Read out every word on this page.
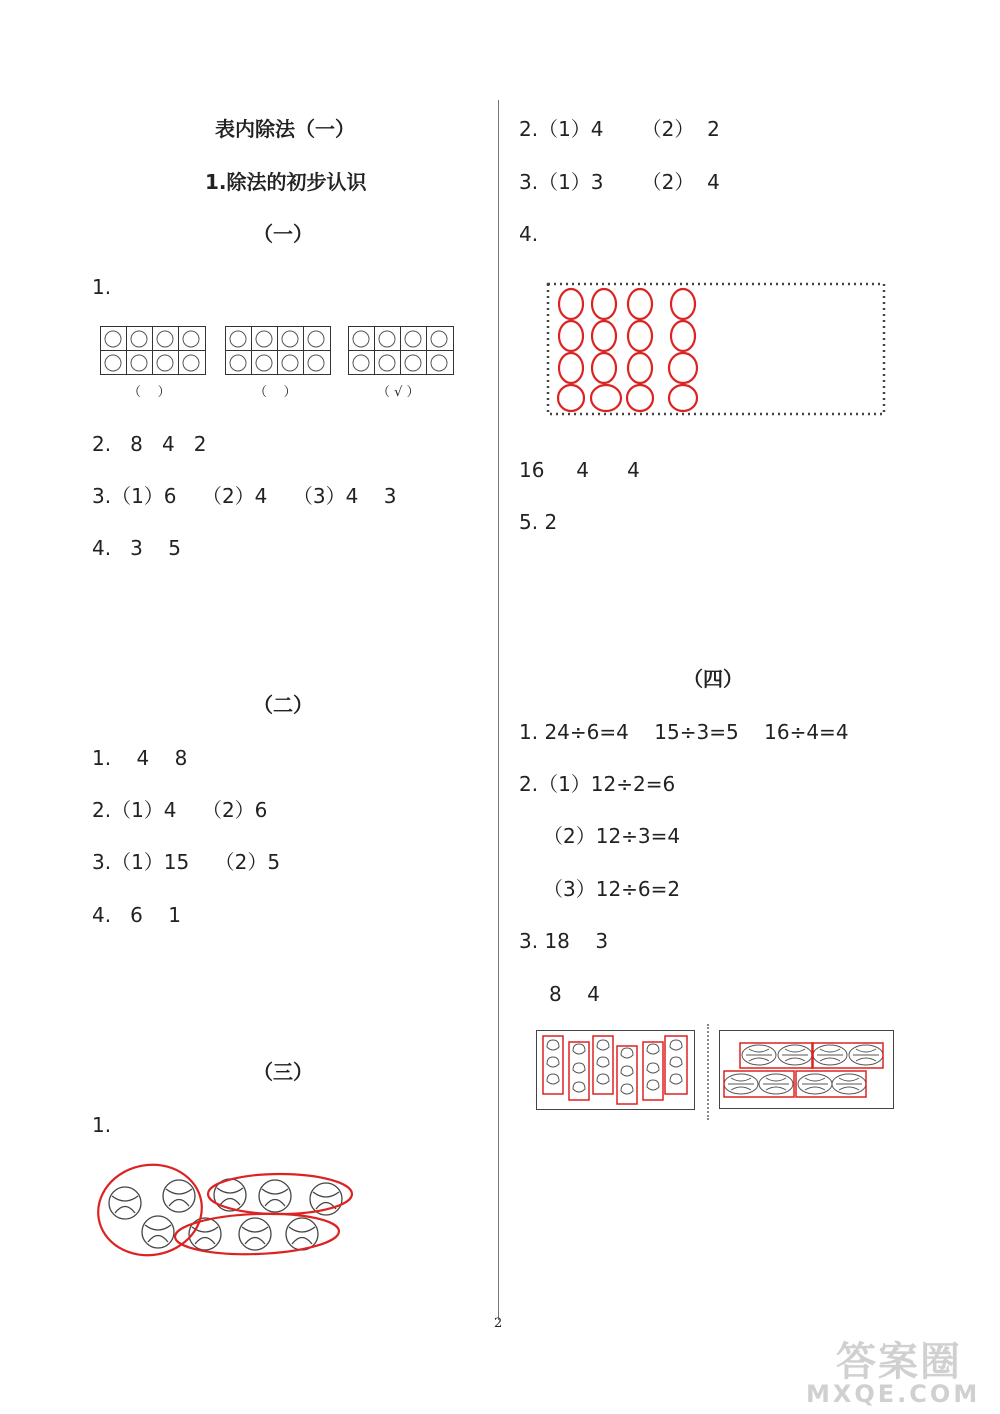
表内除法（一）
1.除法的初步认识
（一）
1.
（    ）	（    ）	（ √ ）
2.   8   4   2
3.（1）6    （2）4    （3）4    3
4.   3    5
（二）
1.    4    8
2.（1）4    （2）6
3.（1）15    （2）5
4.   6    1
（三）
1.
2.（1）4      （2）  2
3.（1）3      （2）  4
4.
16     4      4
5. 2
（四）
1. 24÷6=4    15÷3=5    16÷4=4
2.（1）12÷2=6
（2）12÷3=4
（3）12÷6=2
3. 18    3
8    4
2
答案圈
MXQE.COM
